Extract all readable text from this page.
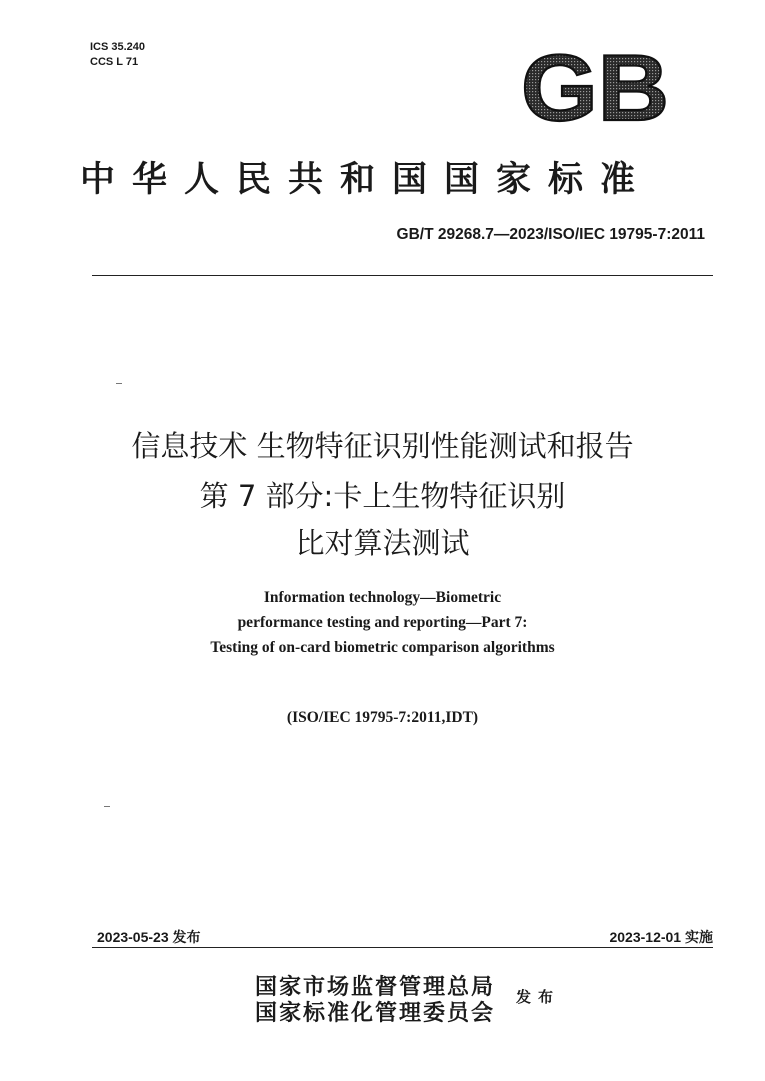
ICS 35.240
CCS L 71	GB
中华人民共和国国家标准
GB/T 29268.7—2023/ISO/IEC 19795-7:2011
信息技术 生物特征识别性能测试和报告
第 7 部分:卡上生物特征识别
比对算法测试
Information technology—Biometric
performance testing and reporting—Part 7:
Testing of on-card biometric comparison algorithms
(ISO/IEC 19795-7:2011,IDT)
2023-05-23 发布	2023-12-01 实施
国家市场监督管理总局
国家标准化管理委员会
发布
